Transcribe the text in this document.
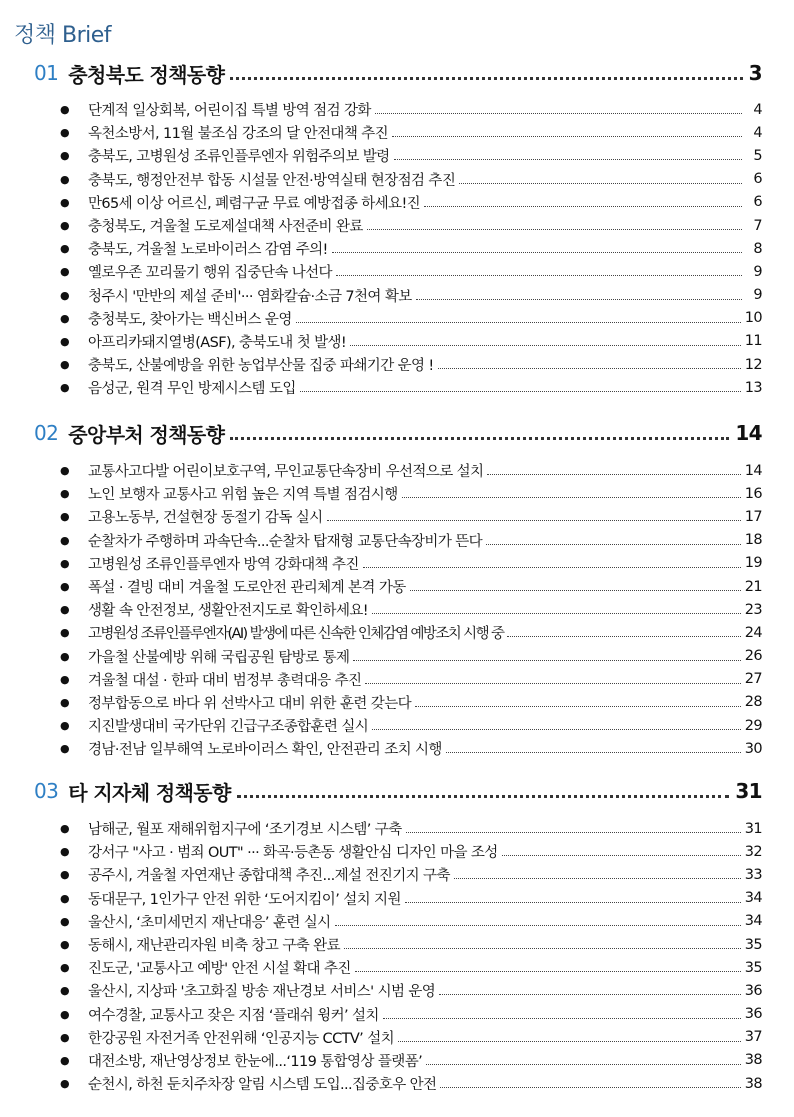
정책 Brief
01 충청북도 정책동향	3
●	단계적 일상회복, 어린이집 특별 방역 점검 강화	4
●	옥천소방서, 11월 불조심 강조의 달 안전대책 추진	4
●	충북도, 고병원성 조류인플루엔자 위험주의보 발령	5
●	충북도, 행정안전부 합동 시설물 안전·방역실태 현장점검 추진	6
●	만65세 이상 어르신, 폐렴구균 무료 예방접종 하세요!진	6
●	충청북도, 겨울철 도로제설대책 사전준비 완료	7
●	충북도, 겨울철 노로바이러스 감염 주의!	8
●	옐로우존 꼬리물기 행위 집중단속 나선다	9
●	청주시 '만반의 제설 준비'··· 염화칼슘·소금 7천여 확보	9
●	충청북도, 찾아가는 백신버스 운영	10
●	아프리카돼지열병(ASF), 충북도내 첫 발생!	11
●	충북도, 산불예방을 위한 농업부산물 집중 파쇄기간 운영 !	12
●	음성군, 원격 무인 방제시스템 도입	13
02 중앙부처 정책동향	14
●	교통사고다발 어린이보호구역, 무인교통단속장비 우선적으로 설치	14
●	노인 보행자 교통사고 위험 높은 지역 특별 점검시행	16
●	고용노동부, 건설현장 동절기 감독 실시	17
●	순찰차가 주행하며 과속단속...순찰차 탑재형 교통단속장비가 뜬다	18
●	고병원성 조류인플루엔자 방역 강화대책 추진	19
●	폭설 · 결빙 대비 겨울철 도로안전 관리체계 본격 가동	21
●	생활 속 안전정보, 생활안전지도로 확인하세요!	23
●	고병원성 조류인플루엔자(AI) 발생에 따른 신속한 인체감염 예방조치 시행 중	24
●	가을철 산불예방 위해 국립공원 탐방로 통제	26
●	겨울철 대설 · 한파 대비 범정부 총력대응 추진	27
●	정부합동으로 바다 위 선박사고 대비 위한 훈련 갖는다	28
●	지진발생대비 국가단위 긴급구조종합훈련 실시	29
●	경남·전남 일부해역 노로바이러스 확인, 안전관리 조치 시행	30
03 타 지자체 정책동향	31
●	남해군, 월포 재해위험지구에 ‘조기경보 시스템’ 구축	31
●	강서구 "사고 · 범죄 OUT" ··· 화곡·등촌동 생활안심 디자인 마을 조성	32
●	공주시, 겨울철 자연재난 종합대책 추진...제설 전진기지 구축	33
●	동대문구, 1인가구 안전 위한 ‘도어지킴이’ 설치 지원	34
●	울산시, ‘초미세먼지 재난대응’ 훈련 실시	34
●	동해시, 재난관리자원 비축 창고 구축 완료	35
●	진도군, '교통사고 예방' 안전 시설 확대 추진	35
●	울산시, 지상파 '초고화질 방송 재난경보 서비스' 시범 운영	36
●	여수경찰, 교통사고 잦은 지점 ‘플래쉬 윙커’ 설치	36
●	한강공원 자전거족 안전위해 ‘인공지능 CCTV’ 설치	37
●	대전소방, 재난영상정보 한눈에...‘119 통합영상 플랫폼’	38
●	순천시, 하천 둔치주차장 알림 시스템 도입...집중호우 안전	38
